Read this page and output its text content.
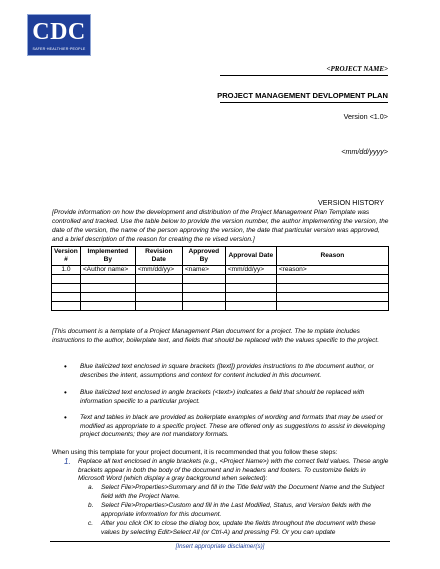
CDC
SAFER·HEALTHIER·PEOPLE
<PROJECT NAME>
PROJECT MANAGEMENT DEVLOPMENT PLAN
Version <1.0>
<mm/dd/yyyy>
VERSION HISTORY
[Provide information on how the development and distribution of the Project Management Plan Template was controlled and tracked. Use the table below to provide the version number, the author implementing the version, the date of the version, the name of the person approving the version, the date that particular version was approved, and a brief description of the reason for creating the re vised version.]
Version #	Implemented By	Revision Date	Approved By	Approval Date	Reason
1.0	<Author name>	<mm/dd/yy>	<name>	<mm/dd/yy>	<reason>

[This document is a template of a Project Management Plan document for a project. The te mplate includes instructions to the author, boilerplate text, and fields that should be replaced with the values specific to the project.
• Blue italicized text enclosed in square brackets ([text]) provides instructions to the document author, or describes the intent, assumptions and context for content included in this document.
• Blue italicized text enclosed in angle brackets (<text>) indicates a field that should be replaced with information specific to a particular project.
• Text and tables in black are provided as boilerplate examples of wording and formats that may be used or modified as appropriate to a specific project. These are offered only as suggestions to assist in developing project documents; they are not mandatory formats.
When using this template for your project document, it is recommended that you follow these steps:
1. Replace all text enclosed in angle brackets (e.g., <Project Name>) with the correct field values. These angle brackets appear in both the body of the document and in headers and footers. To customize fields in Microsoft Word (which display a gray background when selected):
a. Select File>Properties>Summary and fill in the Title field with the Document Name and the Subject field with the Project Name.
b. Select File>Properties>Custom and fill in the Last Modified, Status, and Version fields with the appropriate information for this document.
c. After you click OK to close the dialog box, update the fields throughout the document with these values by selecting Edit>Select All (or Ctrl-A) and pressing F9. Or you can update
[Insert appropriate disclaimer(s)]
